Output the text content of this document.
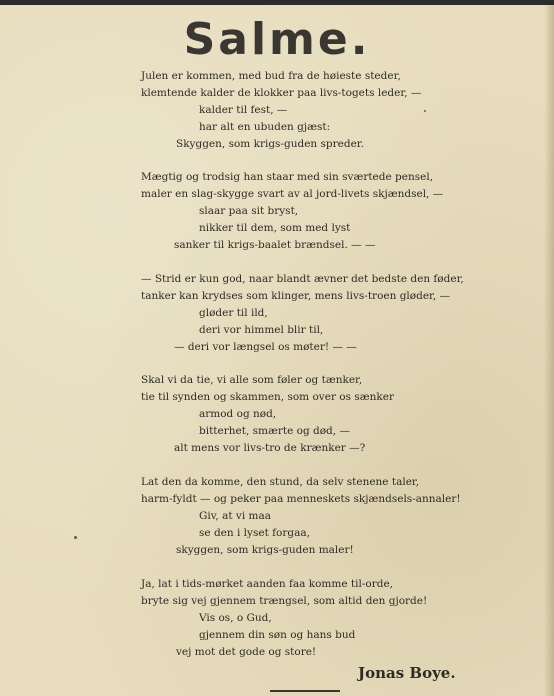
Salme.
Julen er kommen, med bud fra de høieste steder,
klemtende kalder de klokker paa livs-togets leder, —
kalder til fest, —
har alt en ubuden gjæst:
Skyggen, som krigs-guden spreder.
Mægtig og trodsig han staar med sin sværtede pensel,
maler en slag-skygge svart av al jord-livets skjændsel, —
slaar paa sit bryst,
nikker til dem, som med lyst
sanker til krigs-baalet brændsel. — —
— Strid er kun god, naar blandt ævner det bedste den føder,
tanker kan krydses som klinger, mens livs-troen gløder, —
gløder til ild,
deri vor himmel blir til,
— deri vor længsel os møter! — —
Skal vi da tie, vi alle som føler og tænker,
tie til synden og skammen, som over os sænker
armod og nød,
bitterhet, smærte og død, —
alt mens vor livs-tro de krænker —?
Lat den da komme, den stund, da selv stenene taler,
harm-fyldt — og peker paa menneskets skjændsels-annaler!
Giv, at vi maa
se den i lyset forgaa,
skyggen, som krigs-guden maler!
Ja, lat i tids-mørket aanden faa komme til-orde,
bryte sig vej gjennem trængsel, som altid den gjorde!
Vis os, o Gud,
gjennem din søn og hans bud
vej mot det gode og store!
Jonas Boye.
